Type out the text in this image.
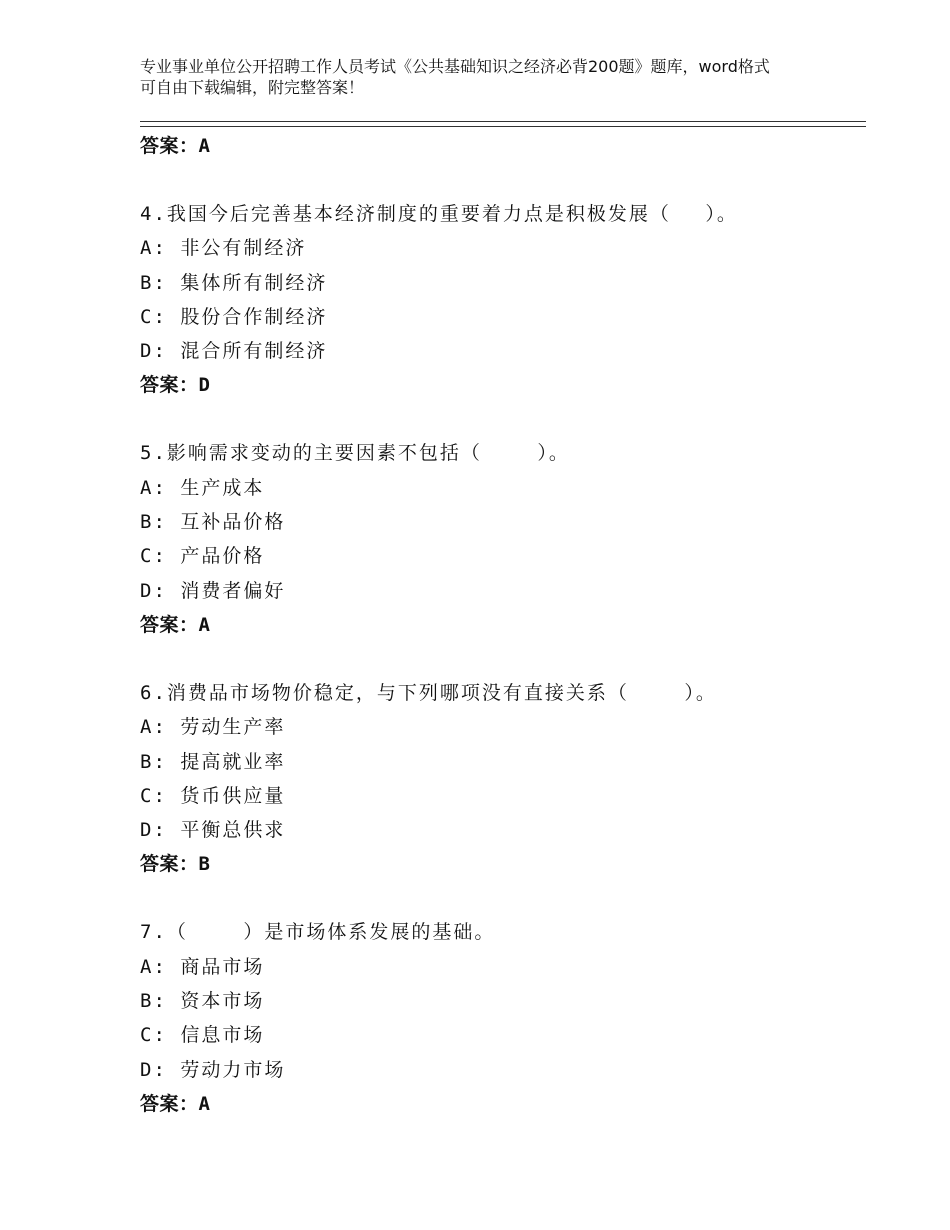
专业事业单位公开招聘工作人员考试《公共基础知识之经济必背200题》题库，word格式可自由下载编辑，附完整答案！
答案：A
4.我国今后完善基本经济制度的重要着力点是积极发展（　 ）。
A: 非公有制经济
B: 集体所有制经济
C: 股份合作制经济
D: 混合所有制经济
答案：D
5.影响需求变动的主要因素不包括（　　 ）。
A: 生产成本
B: 互补品价格
C: 产品价格
D: 消费者偏好
答案：A
6.消费品市场物价稳定，与下列哪项没有直接关系（　　 ）。
A: 劳动生产率
B: 提高就业率
C: 货币供应量
D: 平衡总供求
答案：B
7.（　　 ）是市场体系发展的基础。
A: 商品市场
B: 资本市场
C: 信息市场
D: 劳动力市场
答案：A
